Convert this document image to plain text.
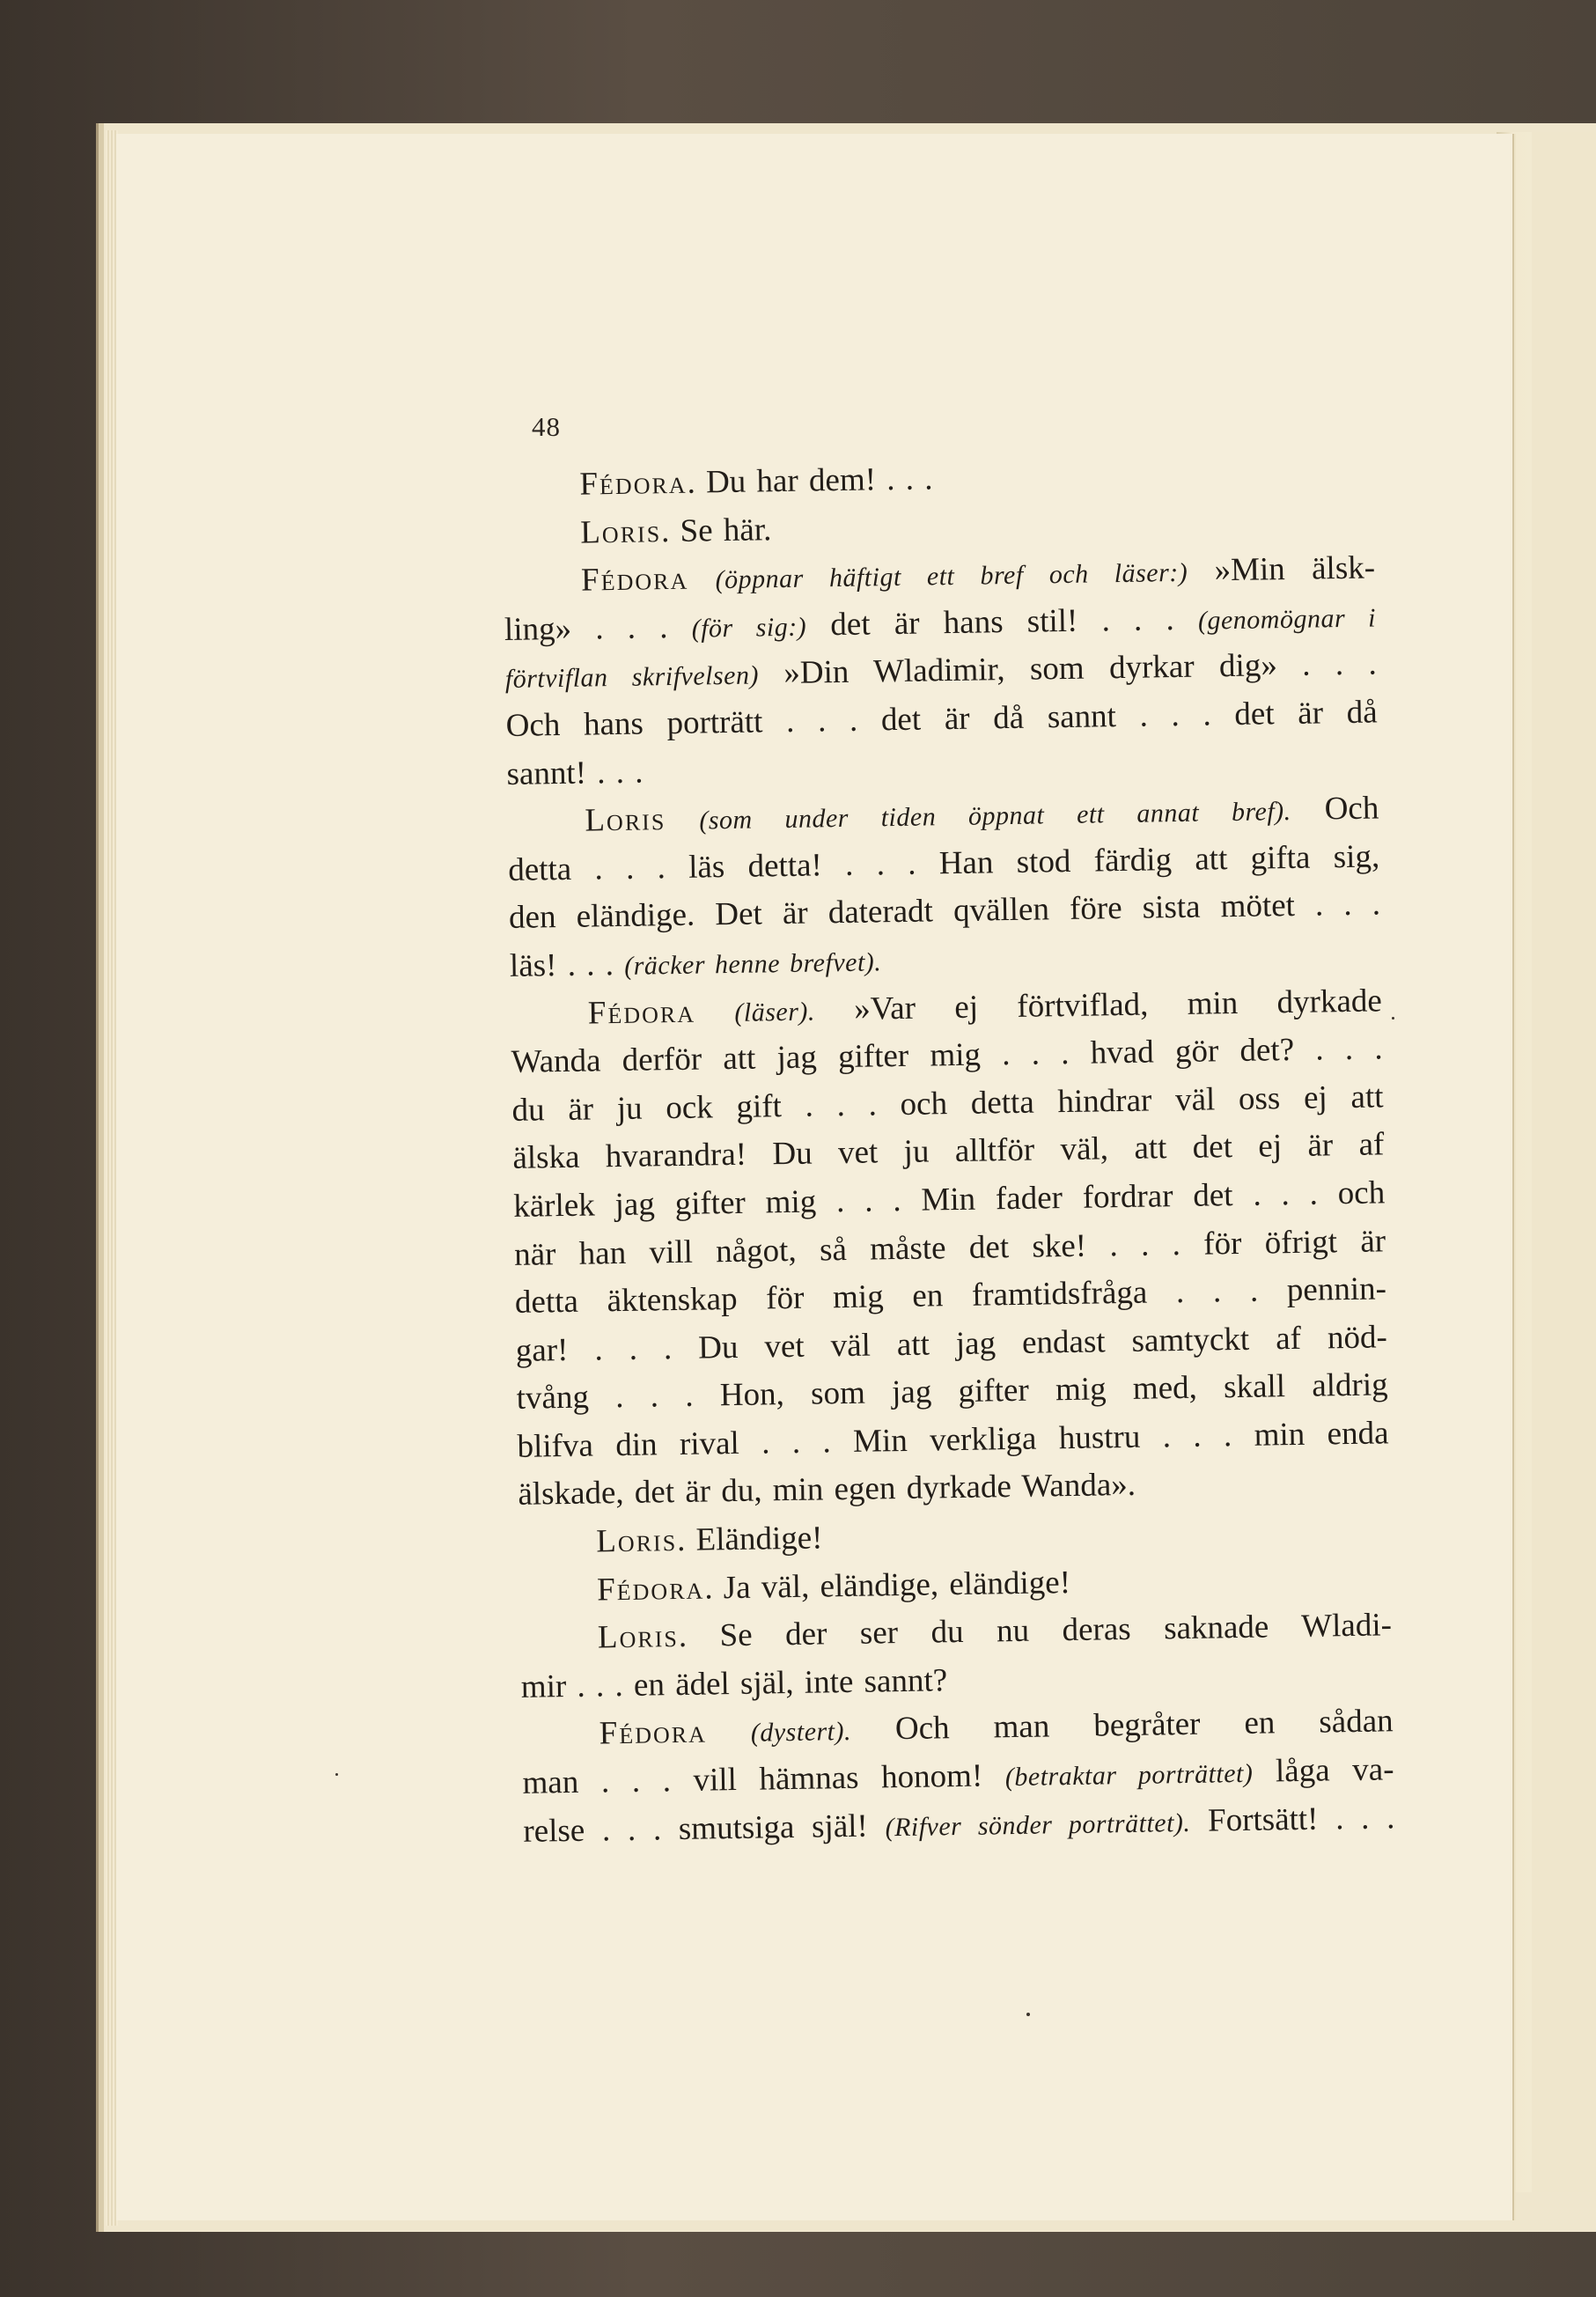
48
Fédora. Du har dem! . . .
Loris. Se här.
Fédora (öppnar häftigt ett bref och läser:) »Min älsk-
ling» . . . (för sig:) det är hans stil! . . . (genomögnar i
förtviflan skrifvelsen) »Din Wladimir, som dyrkar dig» . . .
Och hans porträtt . . . det är då sannt . . . det är då
sannt! . . .
Loris (som under tiden öppnat ett annat bref). Och
detta . . . läs detta! . . . Han stod färdig att gifta sig,
den eländige. Det är dateradt qvällen före sista mötet . . .
läs! . . . (räcker henne brefvet).
Fédora (läser). »Var ej förtviflad, min dyrkade
Wanda derför att jag gifter mig . . . hvad gör det? . . .
du är ju ock gift . . . och detta hindrar väl oss ej att
älska hvarandra! Du vet ju alltför väl, att det ej är af
kärlek jag gifter mig . . . Min fader fordrar det . . . och
när han vill något, så måste det ske! . . . för öfrigt är
detta äktenskap för mig en framtidsfråga . . . pennin-
gar! . . . Du vet väl att jag endast samtyckt af nöd-
tvång . . . Hon, som jag gifter mig med, skall aldrig
blifva din rival . . . Min verkliga hustru . . . min enda
älskade, det är du, min egen dyrkade Wanda».
Loris. Eländige!
Fédora. Ja väl, eländige, eländige!
Loris. Se der ser du nu deras saknade Wladi-
mir . . . en ädel själ, inte sannt?
Fédora (dystert). Och man begråter en sådan
man . . . vill hämnas honom! (betraktar porträttet) låga va-
relse . . . smutsiga själ! (Rifver sönder porträttet). Fortsätt! . . .
